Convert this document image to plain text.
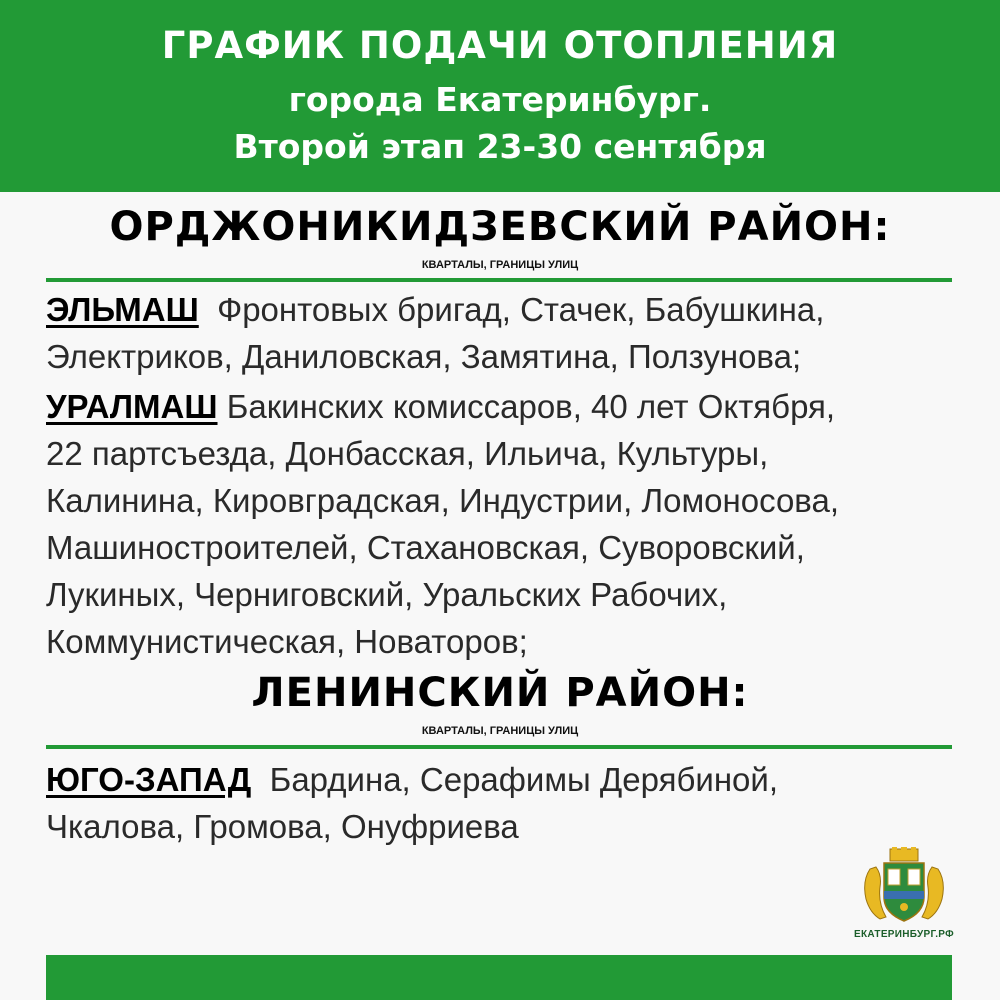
ГРАФИК ПОДАЧИ ОТОПЛЕНИЯ
города Екатеринбург.
Второй этап 23-30 сентября
ОРДЖОНИКИДЗЕВСКИЙ РАЙОН:
КВАРТАЛЫ, ГРАНИЦЫ УЛИЦ
ЭЛЬМАШ Фронтовых бригад, Стачек, Бабушкина,
Электриков, Даниловская, Замятина, Ползунова;
УРАЛМАШ Бакинских комиссаров, 40 лет Октября,
22 партсъезда, Донбасская, Ильича, Культуры,
Калинина, Кировградская, Индустрии, Ломоносова,
Машиностроителей, Стахановская, Суворовский,
Лукиных, Черниговский, Уральских Рабочих,
Коммунистическая, Новаторов;
ЛЕНИНСКИЙ РАЙОН:
КВАРТАЛЫ, ГРАНИЦЫ УЛИЦ
ЮГО-ЗАПАД Бардина, Серафимы Дерябиной,
Чкалова, Громова, Онуфриева
ЕКАТЕРИНБУРГ.РФ
